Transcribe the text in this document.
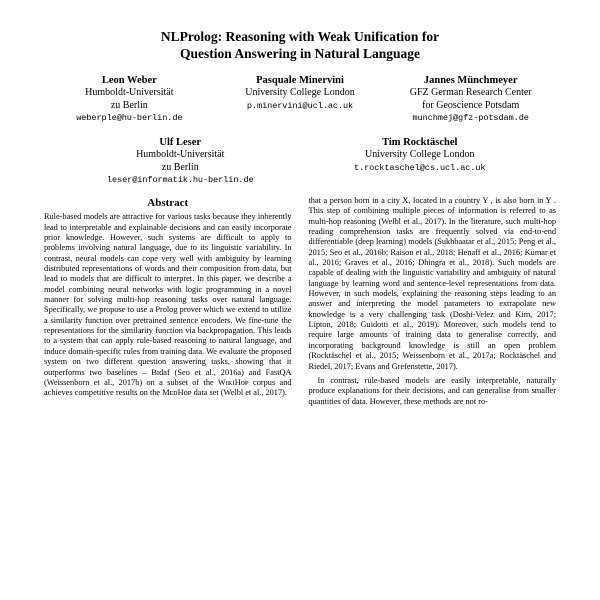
NLProlog: Reasoning with Weak Unification for
Question Answering in Natural Language
Leon Weber
Humboldt-Universität
zu Berlin
weberple@hu-berlin.de
Pasquale Minervini
University College London
p.minervini@ucl.ac.uk
Jannes Münchmeyer
GFZ German Research Center
for Geoscience Potsdam
munchmej@gfz-potsdam.de
Ulf Leser
Humboldt-Universität
zu Berlin
leser@informatik.hu-berlin.de
Tim Rocktäschel
University College London
t.rocktaschel@cs.ucl.ac.uk
Abstract

Rule-based models are attractive for various tasks because they inherently lead to interpretable and explainable decisions and can easily incorporate prior knowledge. However, such systems are difficult to apply to problems involving natural language, due to its linguistic variability. In contrast, neural models can cope very well with ambiguity by learning distributed representations of words and their composition from data, but lead to models that are difficult to interpret. In this paper, we describe a model combining neural networks with logic programming in a novel manner for solving multi-hop reasoning tasks over natural language. Specifically, we propose to use a Prolog prover which we extend to utilize a similarity function over pretrained sentence encoders. We fine-tune the representations for the similarity function via backpropagation. This leads to a system that can apply rule-based reasoning to natural language, and induce domain-specific rules from training data. We evaluate the proposed system on two different question answering tasks, showing that it outperforms two baselines – Bɪdaf (Seo et al., 2016a) and FastQA (Weissenborn et al., 2017b) on a subset of the WɪᴋɪHᴏᴘ corpus and achieves competitive results on the MᴇᴅHᴏᴘ data set (Welbl et al., 2017).

that a person born in a city X, located in a country Y , is also born in Y . This step of combining multiple pieces of information is referred to as multi-hop reasoning (Welbl et al., 2017). In the literature, such multi-hop reading comprehension tasks are frequently solved via end-to-end differentiable (deep learning) models (Sukhbaatar et al., 2015; Peng et al., 2015; Seo et al., 2016b; Raison et al., 2018; Henaff et al., 2016; Kumar et al., 2016; Graves et al., 2016; Dhingra et al., 2018). Such models are capable of dealing with the linguistic variability and ambiguity of natural language by learning word and sentence-level representations from data. However, in such models, explaining the reasoning steps leading to an answer and interpreting the model parameters to extrapolate new knowledge is a very challenging task (Doshi-Velez and Kim, 2017; Lipton, 2018; Guidotti et al., 2019). Moreover, such models tend to require large amounts of training data to generalise correctly, and incorporating background knowledge is still an open problem (Rocktäschel et al., 2015; Weissenborn et al., 2017a; Rocktäschel and Riedel, 2017; Evans and Grefenstette, 2017).

In contrast, rule-based models are easily interpretable, naturally produce explanations for their decisions, and can generalise from smaller quantities of data. However, these methods are not ro-
